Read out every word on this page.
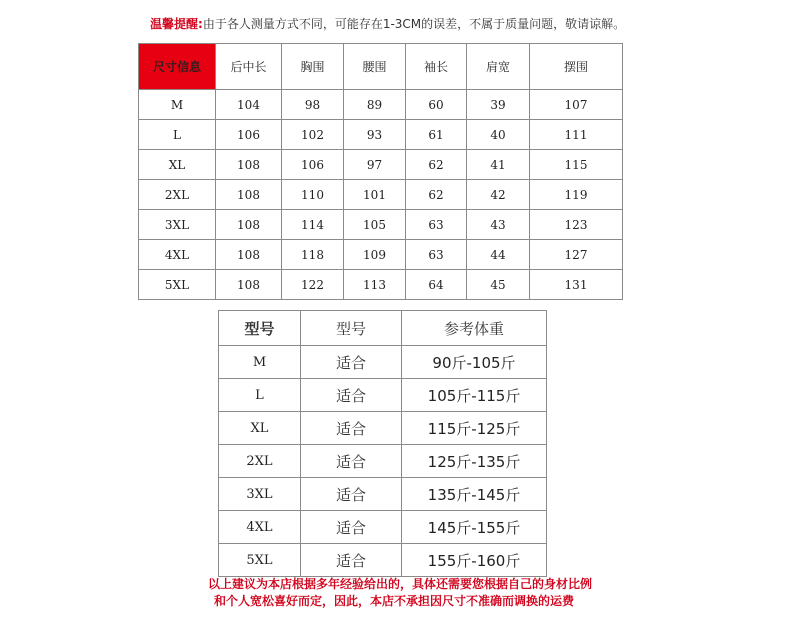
温馨提醒:由于各人测量方式不同，可能存在1-3CM的误差，不属于质量问题，敬请谅解。
尺寸信息	后中长	胸围	腰围	袖长	肩宽	摆围
M	104	98	89	60	39	107
L	106	102	93	61	40	111
XL	108	106	97	62	41	115
2XL	108	110	101	62	42	119
3XL	108	114	105	63	43	123
4XL	108	118	109	63	44	127
5XL	108	122	113	64	45	131
型号	型号	参考体重
M	适合	90斤-105斤
L	适合	105斤-115斤
XL	适合	115斤-125斤
2XL	适合	125斤-135斤
3XL	适合	135斤-145斤
4XL	适合	145斤-155斤
5XL	适合	155斤-160斤
以上建议为本店根据多年经验给出的，具体还需要您根据自己的身材比例
和个人宽松喜好而定，因此，本店不承担因尺寸不准确而调换的运费
